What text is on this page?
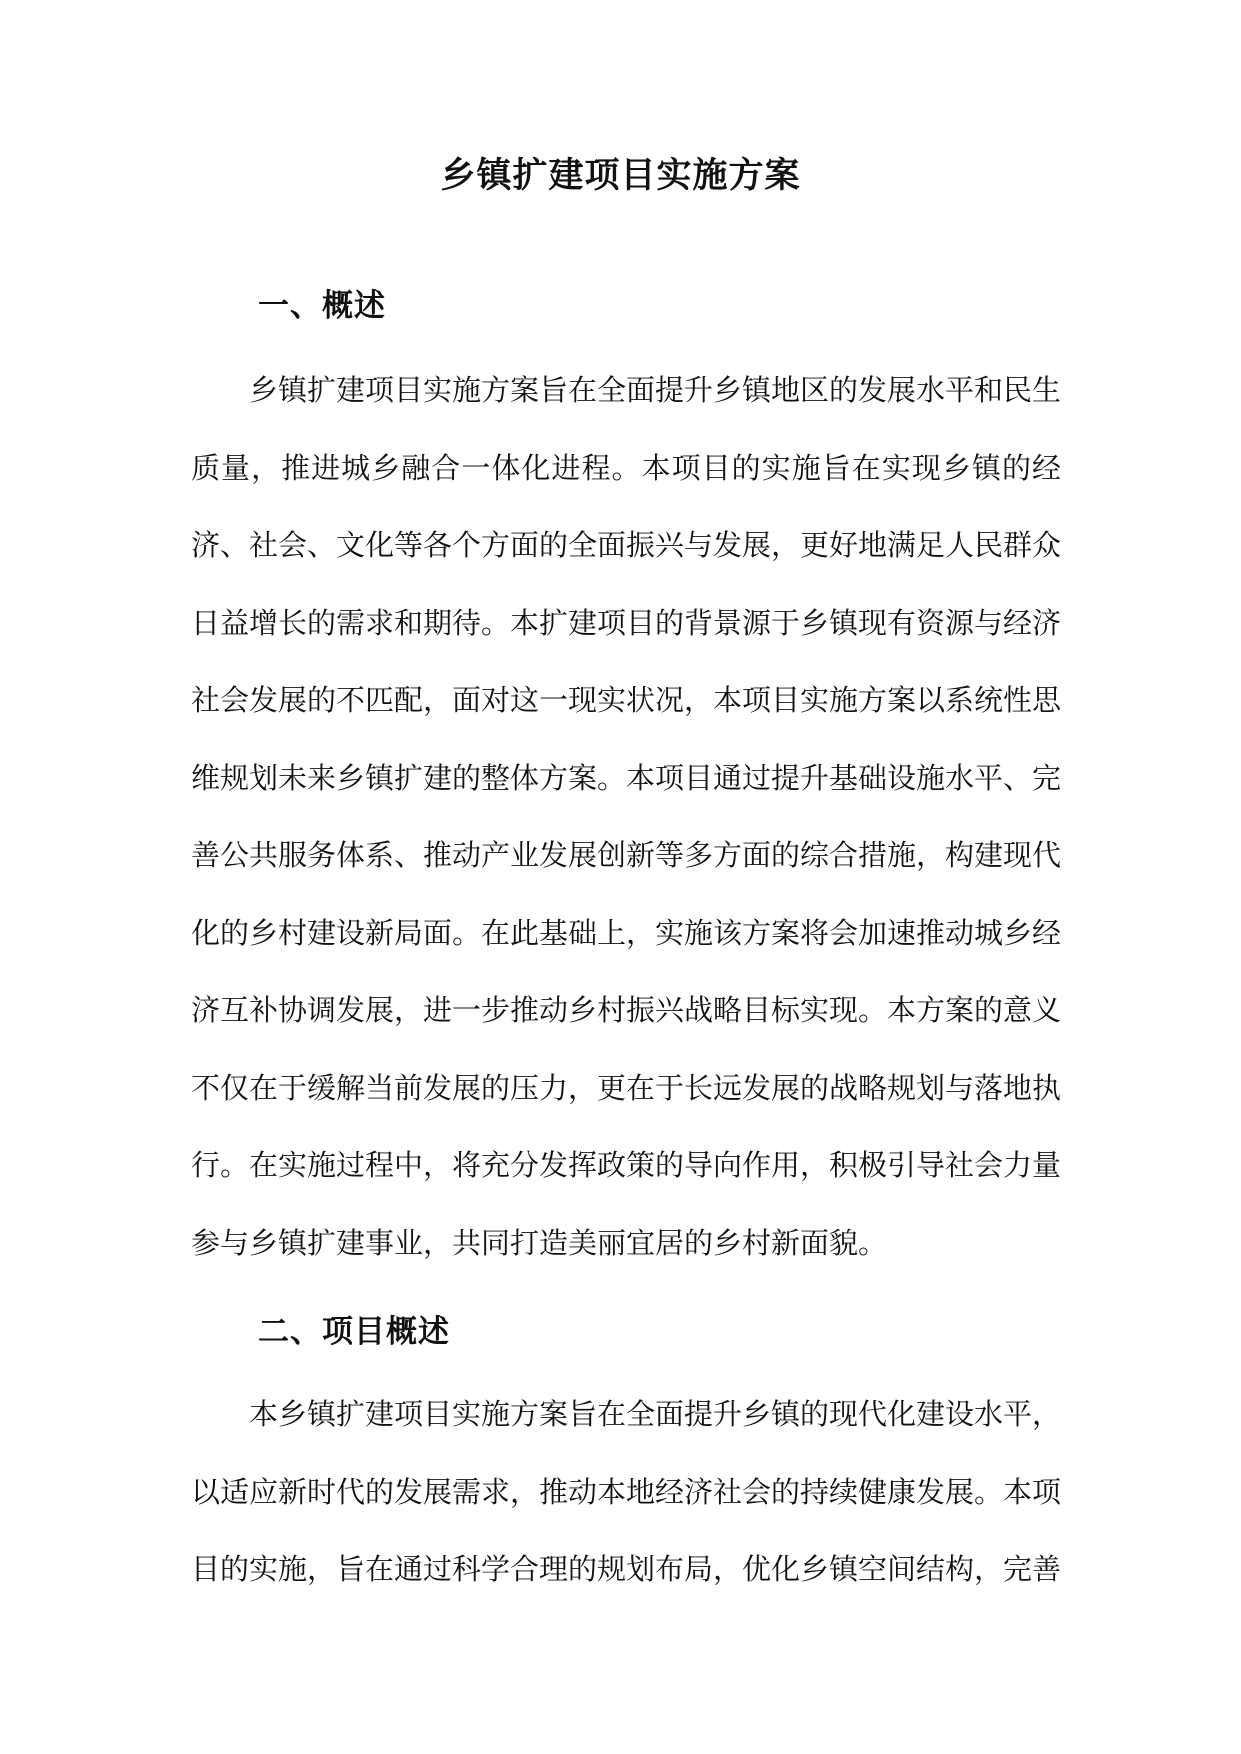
乡镇扩建项目实施方案
一、概述

乡镇扩建项目实施方案旨在全面提升乡镇地区的发展水平和民生质量，推进城乡融合一体化进程。本项目的实施旨在实现乡镇的经济、社会、文化等各个方面的全面振兴与发展，更好地满足人民群众日益增长的需求和期待。本扩建项目的背景源于乡镇现有资源与经济社会发展的不匹配，面对这一现实状况，本项目实施方案以系统性思维规划未来乡镇扩建的整体方案。本项目通过提升基础设施水平、完善公共服务体系、推动产业发展创新等多方面的综合措施，构建现代化的乡村建设新局面。在此基础上，实施该方案将会加速推动城乡经济互补协调发展，进一步推动乡村振兴战略目标实现。本方案的意义不仅在于缓解当前发展的压力，更在于长远发展的战略规划与落地执行。在实施过程中，将充分发挥政策的导向作用，积极引导社会力量参与乡镇扩建事业，共同打造美丽宜居的乡村新面貌。

二、项目概述

本乡镇扩建项目实施方案旨在全面提升乡镇的现代化建设水平，以适应新时代的发展需求，推动本地经济社会的持续健康发展。本项目的实施，旨在通过科学合理的规划布局，优化乡镇空间结构，完善
